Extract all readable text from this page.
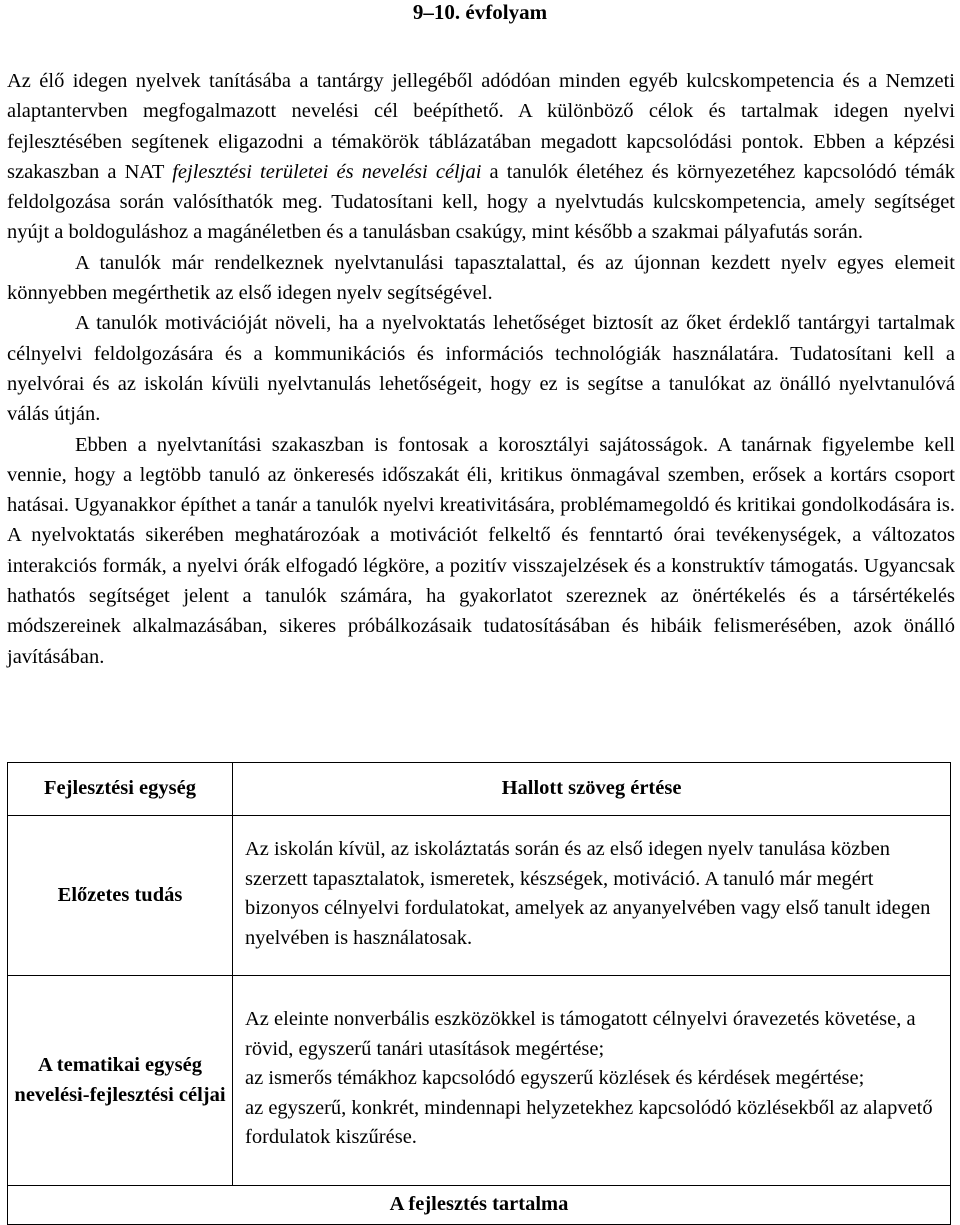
9–10. évfolyam

Az élő idegen nyelvek tanításába a tantárgy jellegéből adódóan minden egyéb kulcskompetencia és a Nemzeti alaptantervben megfogalmazott nevelési cél beépíthető. A különböző célok és tartalmak idegen nyelvi fejlesztésében segítenek eligazodni a témakörök táblázatában megadott kapcsolódási pontok. Ebben a képzési szakaszban a NAT fejlesztési területei és nevelési céljai a tanulók életéhez és környezetéhez kapcsolódó témák feldolgozása során valósíthatók meg. Tudatosítani kell, hogy a nyelvtudás kulcskompetencia, amely segítséget nyújt a boldoguláshoz a magánéletben és a tanulásban csakúgy, mint később a szakmai pályafutás során.

A tanulók már rendelkeznek nyelvtanulási tapasztalattal, és az újonnan kezdett nyelv egyes elemeit könnyebben megérthetik az első idegen nyelv segítségével.

A tanulók motivációját növeli, ha a nyelvoktatás lehetőséget biztosít az őket érdeklő tantárgyi tartalmak célnyelvi feldolgozására és a kommunikációs és információs technológiák használatára. Tudatosítani kell a nyelvórai és az iskolán kívüli nyelvtanulás lehetőségeit, hogy ez is segítse a tanulókat az önálló nyelvtanulóvá válás útján.

Ebben a nyelvtanítási szakaszban is fontosak a korosztályi sajátosságok. A tanárnak figyelembe kell vennie, hogy a legtöbb tanuló az önkeresés időszakát éli, kritikus önmagával szemben, erősek a kortárs csoport hatásai. Ugyanakkor építhet a tanár a tanulók nyelvi kreativitására, problémamegoldó és kritikai gondolkodására is. A nyelvoktatás sikerében meghatározóak a motivációt felkeltő és fenntartó órai tevékenységek, a változatos interakciós formák, a nyelvi órák elfogadó légköre, a pozitív visszajelzések és a konstruktív támogatás. Ugyancsak hathatós segítséget jelent a tanulók számára, ha gyakorlatot szereznek az önértékelés és a társértékelés módszereinek alkalmazásában, sikeres próbálkozásaik tudatosításában és hibáik felismerésében, azok önálló javításában.

Fejlesztési egység	Hallott szöveg értése
Előzetes tudás	Az iskolán kívül, az iskoláztatás során és az első idegen nyelv tanulása közben szerzett tapasztalatok, ismeretek, készségek, motiváció. A tanuló már megért bizonyos célnyelvi fordulatokat, amelyek az anyanyelvében vagy első tanult idegen nyelvében is használatosak.
A tematikai egység nevelési-fejlesztési céljai	Az eleinte nonverbális eszközökkel is támogatott célnyelvi óravezetés követése, a rövid, egyszerű tanári utasítások megértése;
az ismerős témákhoz kapcsolódó egyszerű közlések és kérdések megértése;
az egyszerű, konkrét, mindennapi helyzetekhez kapcsolódó közlésekből az alapvető fordulatok kiszűrése.

A fejlesztés tartalma	
